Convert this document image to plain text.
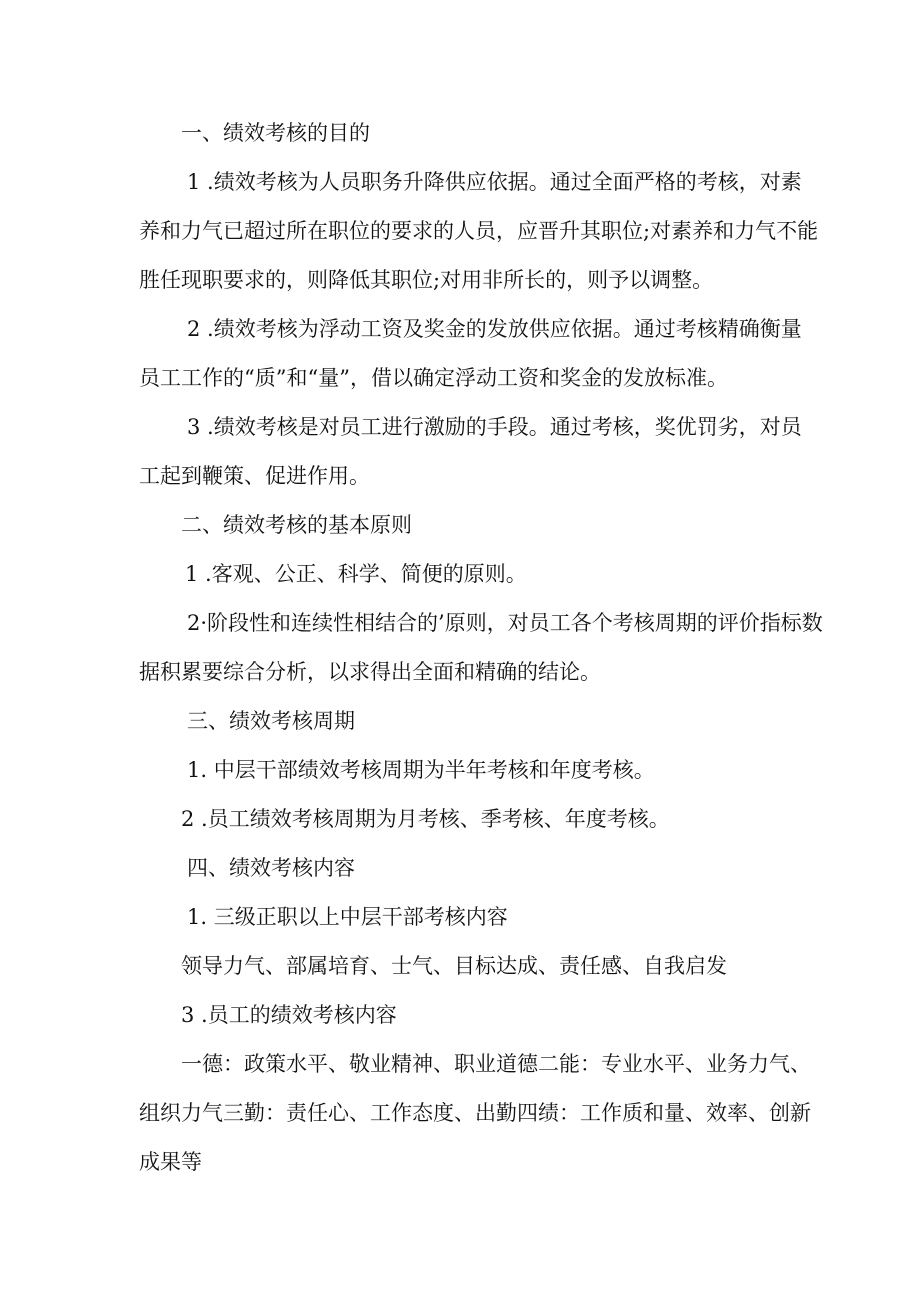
一、绩效考核的目的
1 .绩效考核为人员职务升降供应依据。通过全面严格的考核，对素
养和力气已超过所在职位的要求的人员，应晋升其职位;对素养和力气不能
胜任现职要求的，则降低其职位;对用非所长的，则予以调整。
2 .绩效考核为浮动工资及奖金的发放供应依据。通过考核精确衡量
员工工作的“质”和“量”，借以确定浮动工资和奖金的发放标准。
3 .绩效考核是对员工进行激励的手段。通过考核，奖优罚劣，对员
工起到鞭策、促进作用。
二、绩效考核的基本原则
1 .客观、公正、科学、简便的原则。
2·阶段性和连续性相结合的’原则，对员工各个考核周期的评价指标数
据积累要综合分析，以求得出全面和精确的结论。
三、绩效考核周期
1. 中层干部绩效考核周期为半年考核和年度考核。
2 .员工绩效考核周期为月考核、季考核、年度考核。
四、绩效考核内容
1. 三级正职以上中层干部考核内容
领导力气、部属培育、士气、目标达成、责任感、自我启发
3 .员工的绩效考核内容
一德：政策水平、敬业精神、职业道德二能：专业水平、业务力气、
组织力气三勤：责任心、工作态度、出勤四绩：工作质和量、效率、创新
成果等
